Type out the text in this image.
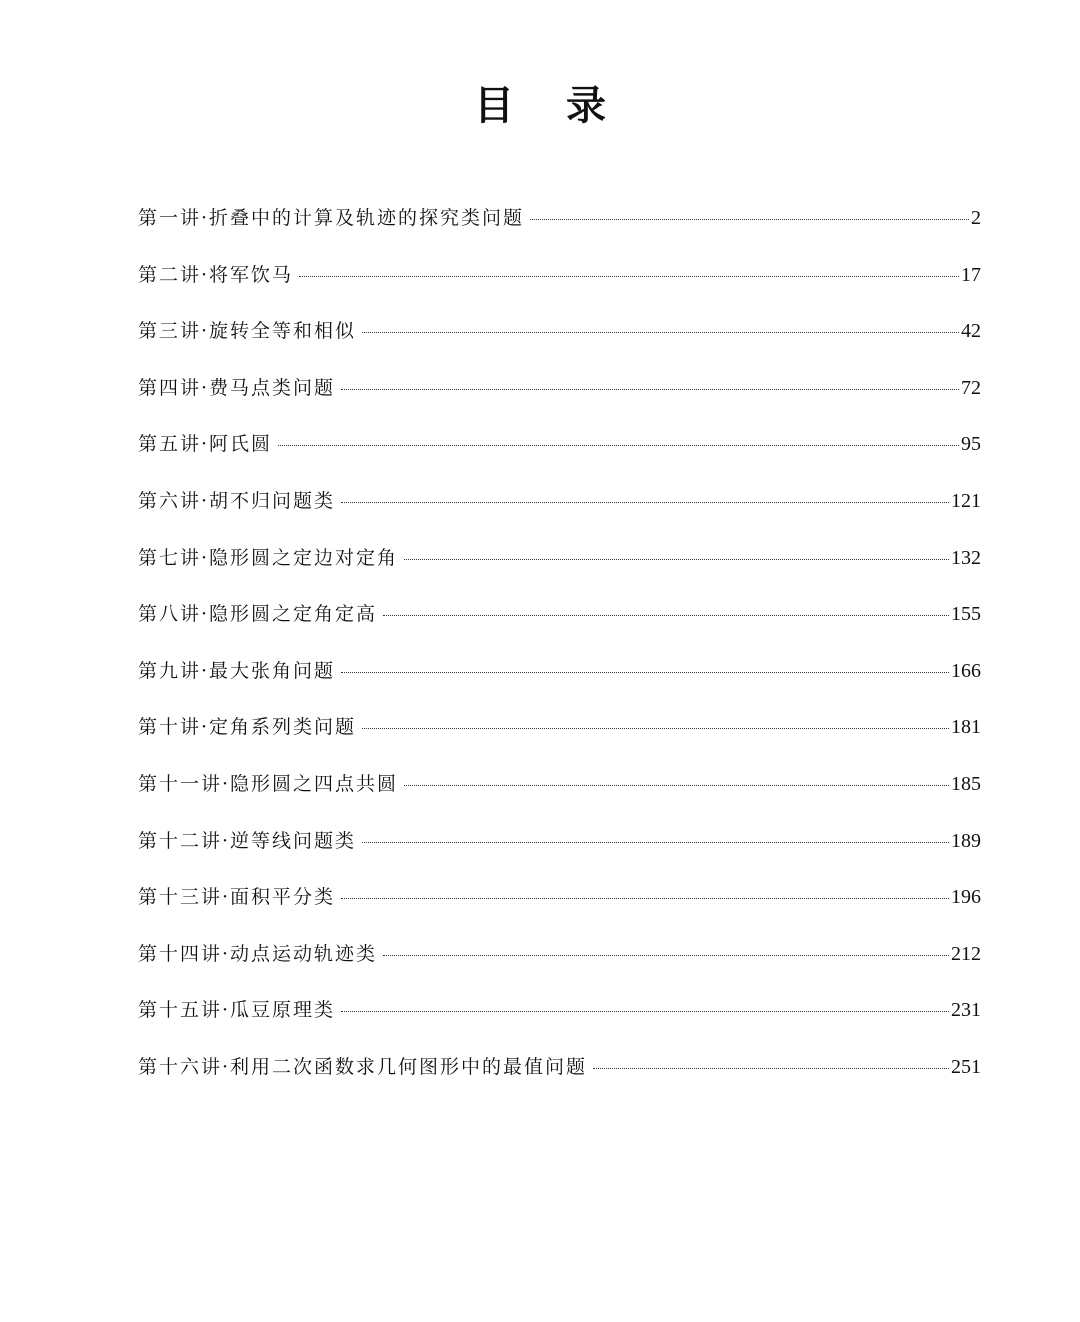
目录
第一讲·折叠中的计算及轨迹的探究类问题	2
第二讲·将军饮马	17
第三讲·旋转全等和相似	42
第四讲·费马点类问题	72
第五讲·阿氏圆	95
第六讲·胡不归问题类	121
第七讲·隐形圆之定边对定角	132
第八讲·隐形圆之定角定高	155
第九讲·最大张角问题	166
第十讲·定角系列类问题	181
第十一讲·隐形圆之四点共圆	185
第十二讲·逆等线问题类	189
第十三讲·面积平分类	196
第十四讲·动点运动轨迹类	212
第十五讲·瓜豆原理类	231
第十六讲·利用二次函数求几何图形中的最值问题	251
